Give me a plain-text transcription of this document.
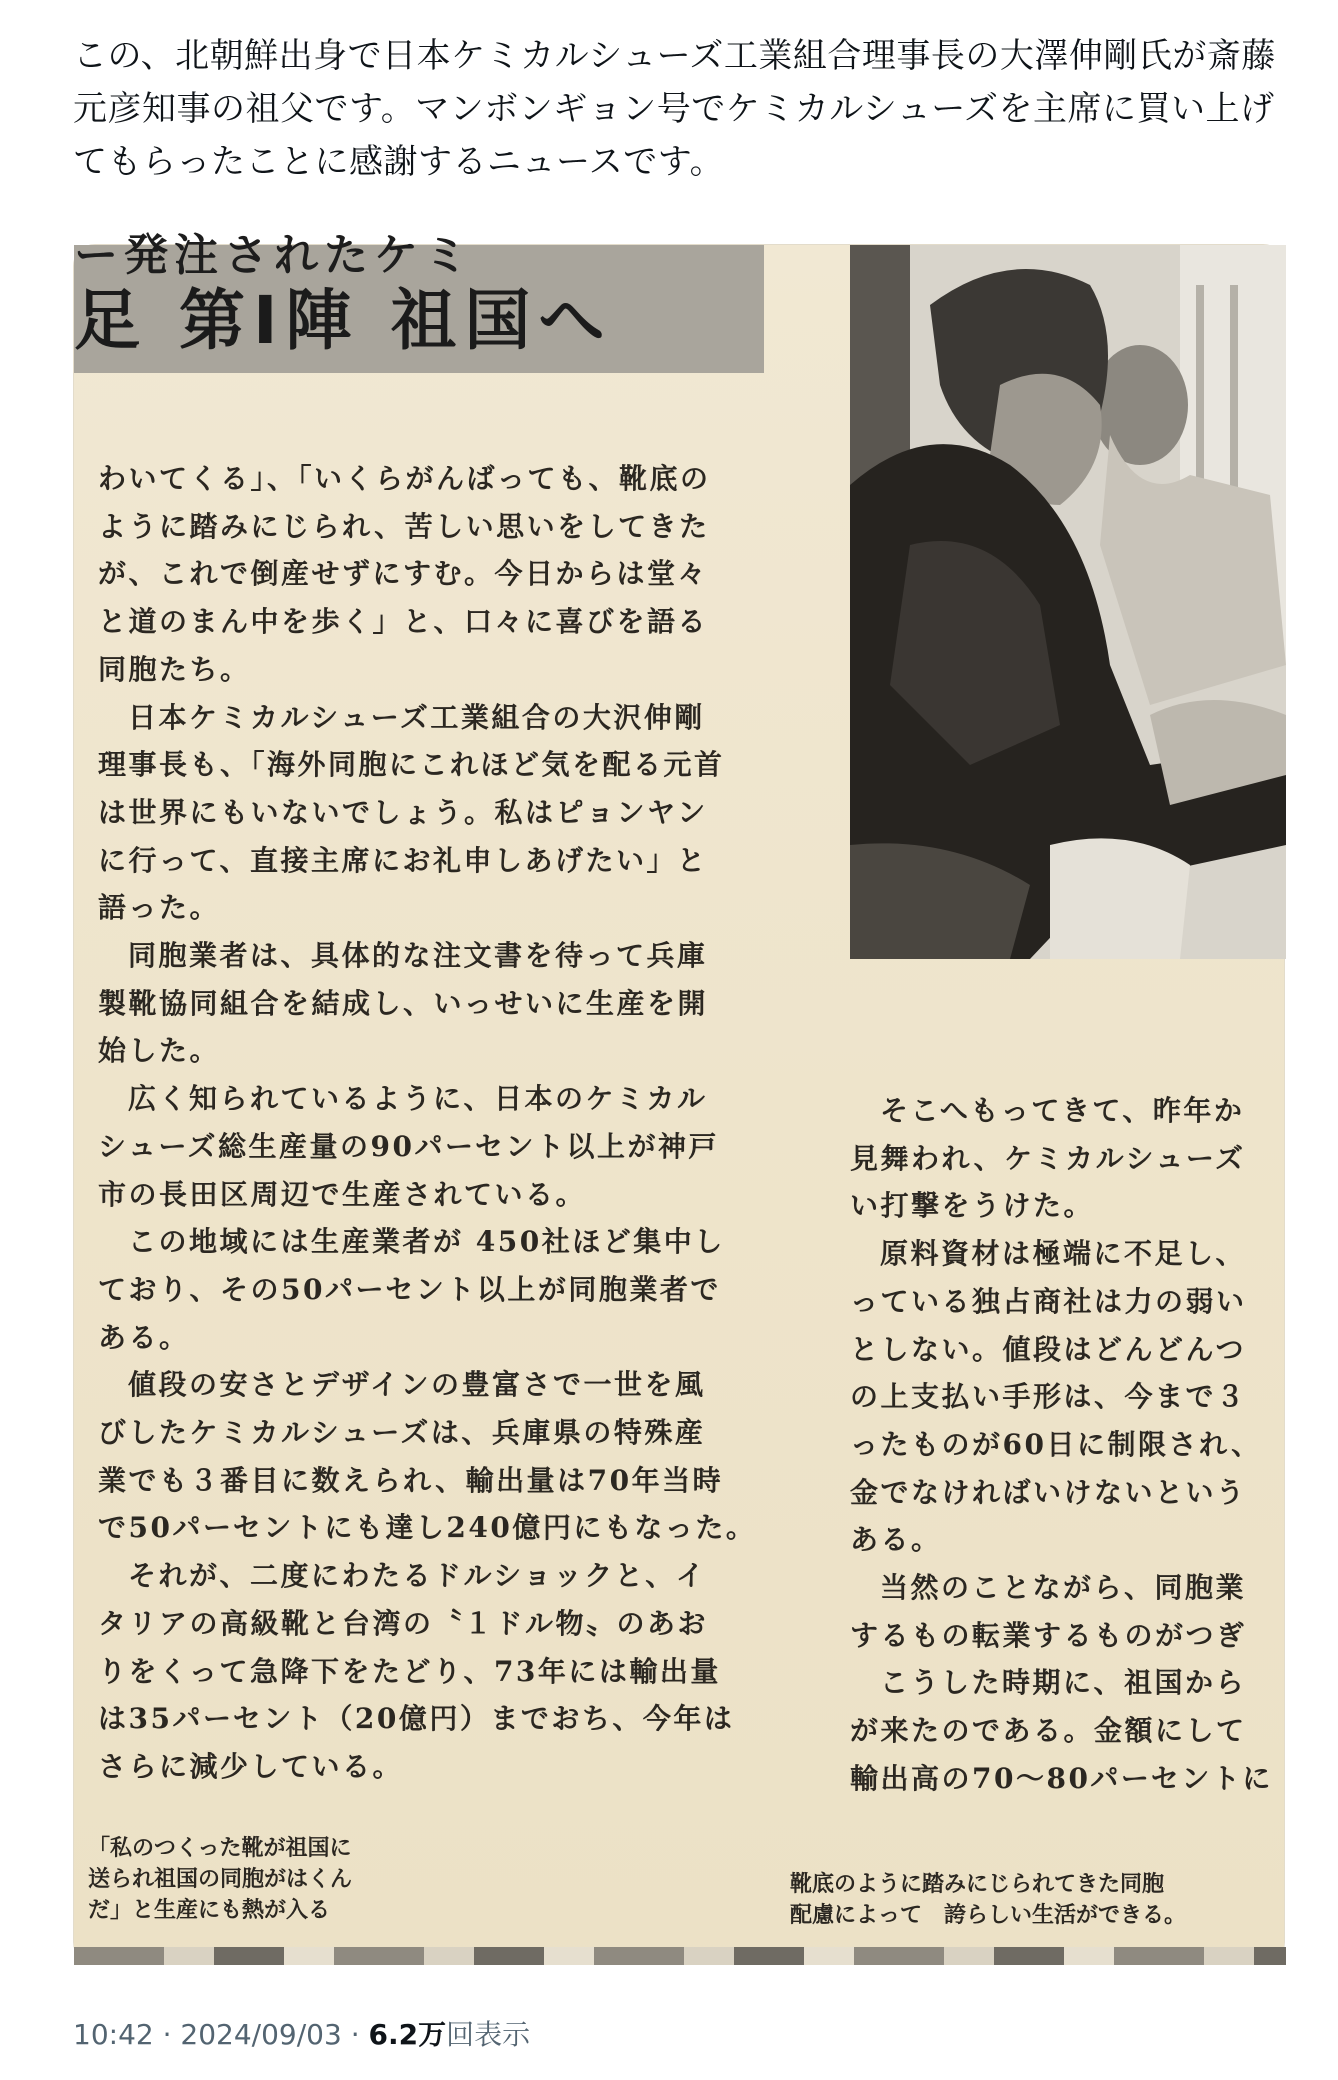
この、北朝鮮出身で日本ケミカルシューズ工業組合理事長の大澤伸剛氏が斎藤元彦知事の祖父です。マンボンギョン号でケミカルシューズを主席に買い上げてもらったことに感謝するニュースです。
ー発注されたケミ
足 第Ⅰ陣 祖国へ

わいてくる」、「いくらがんばっても、靴底の

ように踏みにじられ、苦しい思いをしてきた

が、これで倒産せずにすむ。今日からは堂々

と道のまん中を歩く」と、口々に喜びを語る

同胞たち。

日本ケミカルシューズ工業組合の大沢伸剛

理事長も、「海外同胞にこれほど気を配る元首

は世界にもいないでしょう。私はピョンヤン

に行って、直接主席にお礼申しあげたい」と

語った。

同胞業者は、具体的な注文書を待って兵庫

製靴協同組合を結成し、いっせいに生産を開

始した。

広く知られているように、日本のケミカル

シューズ総生産量の90パーセント以上が神戸

市の長田区周辺で生産されている。

この地域には生産業者が 450社ほど集中し

ており、その50パーセント以上が同胞業者で

ある。

値段の安さとデザインの豊富さで一世を風

びしたケミカルシューズは、兵庫県の特殊産

業でも３番目に数えられ、輸出量は70年当時

で50パーセントにも達し240億円にもなった。

それが、二度にわたるドルショックと、イ

タリアの高級靴と台湾の〝１ドル物〟のあお

りをくって急降下をたどり、73年には輸出量

は35パーセント（20億円）までおち、今年は

さらに減少している。

そこへもってきて、昨年か

見舞われ、ケミカルシューズ

い打撃をうけた。

原料資材は極端に不足し、

っている独占商社は力の弱い

としない。値段はどんどんつ

の上支払い手形は、今まで３

ったものが60日に制限され、

金でなければいけないという

ある。

当然のことながら、同胞業

するもの転業するものがつぎ

こうした時期に、祖国から

が来たのである。金額にして

輸出高の70〜80パーセントに

「私のつくった靴が祖国に

送られ祖国の同胞がはくん

だ」と生産にも熱が入る

靴底のように踏みにじられてきた同胞

配慮によって　誇らしい生活ができる。

10:42 · 2024/09/03 · 6.2万回表示
